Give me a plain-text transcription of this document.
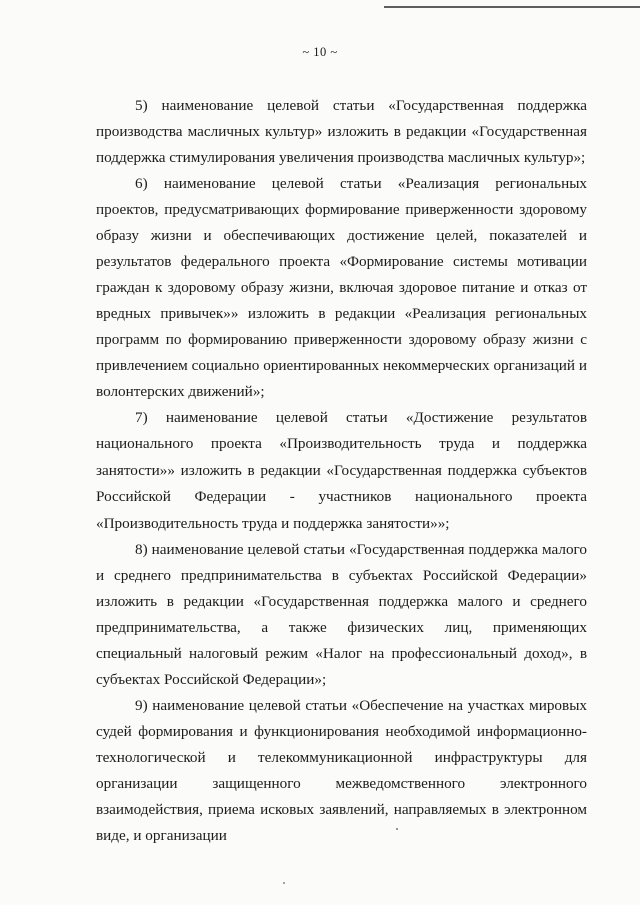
~ 10 ~

5) наименование целевой статьи «Государственная поддержка производства масличных культур» изложить в редакции «Государственная поддержка стимулирования увеличения производства масличных культур»;

6) наименование целевой статьи «Реализация региональных проектов, предусматривающих формирование приверженности здоровому образу жизни и обеспечивающих достижение целей, показателей и результатов федерального проекта «Формирование системы мотивации граждан к здоровому образу жизни, включая здоровое питание и отказ от вредных привычек»» изложить в редакции «Реализация региональных программ по формированию приверженности здоровому образу жизни с привлечением социально ориентированных некоммерческих организаций и волонтерских движений»;

7) наименование целевой статьи «Достижение результатов национального проекта «Производительность труда и поддержка занятости»» изложить в редакции «Государственная поддержка субъектов Российской Федерации - участников национального проекта «Производительность труда и поддержка занятости»»;

8) наименование целевой статьи «Государственная поддержка малого и среднего предпринимательства в субъектах Российской Федерации» изложить в редакции «Государственная поддержка малого и среднего предпринимательства, а также физических лиц, применяющих специальный налоговый режим «Налог на профессиональный доход», в субъектах Российской Федерации»;

9) наименование целевой статьи «Обеспечение на участках мировых судей формирования и функционирования необходимой информационно-технологической и телекоммуникационной инфраструктуры для организации защищенного межведомственного электронного взаимодействия, приема исковых заявлений, направляемых в электронном виде, и организации
